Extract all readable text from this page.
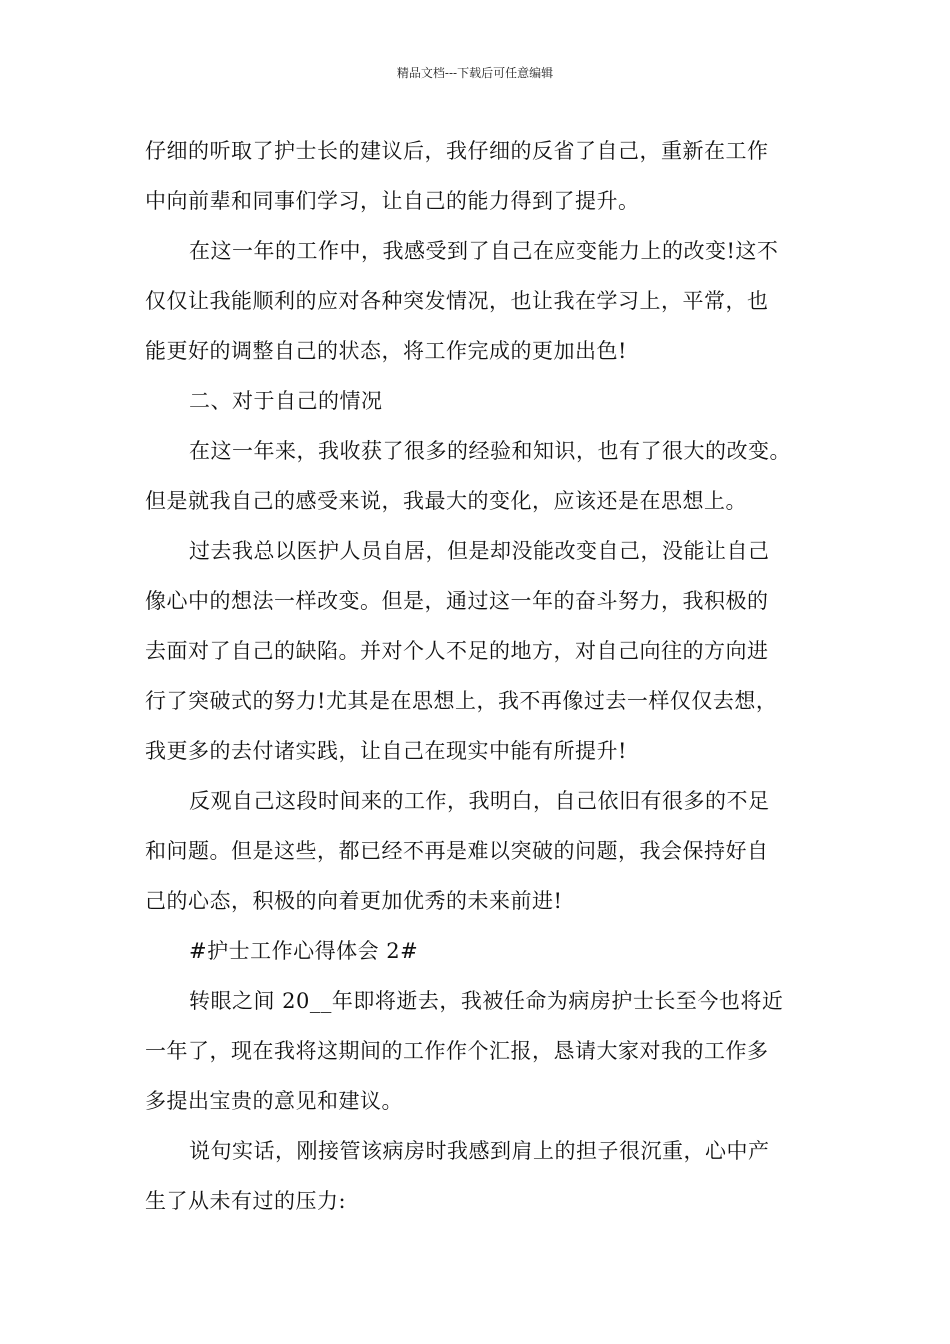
精品文档---下载后可任意编辑
仔细的听取了护士长的建议后，我仔细的反省了自己，重新在工作
中向前辈和同事们学习，让自己的能力得到了提升。
在这一年的工作中，我感受到了自己在应变能力上的改变!这不
仅仅让我能顺利的应对各种突发情况，也让我在学习上，平常，也
能更好的调整自己的状态，将工作完成的更加出色!
二、对于自己的情况
在这一年来，我收获了很多的经验和知识，也有了很大的改变。
但是就我自己的感受来说，我最大的变化，应该还是在思想上。
过去我总以医护人员自居，但是却没能改变自己，没能让自己
像心中的想法一样改变。但是，通过这一年的奋斗努力，我积极的
去面对了自己的缺陷。并对个人不足的地方，对自己向往的方向进
行了突破式的努力!尤其是在思想上，我不再像过去一样仅仅去想，
我更多的去付诸实践，让自己在现实中能有所提升!
反观自己这段时间来的工作，我明白，自己依旧有很多的不足
和问题。但是这些，都已经不再是难以突破的问题，我会保持好自
己的心态，积极的向着更加优秀的未来前进!
#护士工作心得体会 2#
转眼之间 20__年即将逝去，我被任命为病房护士长至今也将近
一年了，现在我将这期间的工作作个汇报，恳请大家对我的工作多
多提出宝贵的意见和建议。
说句实话，刚接管该病房时我感到肩上的担子很沉重，心中产
生了从未有过的压力:
